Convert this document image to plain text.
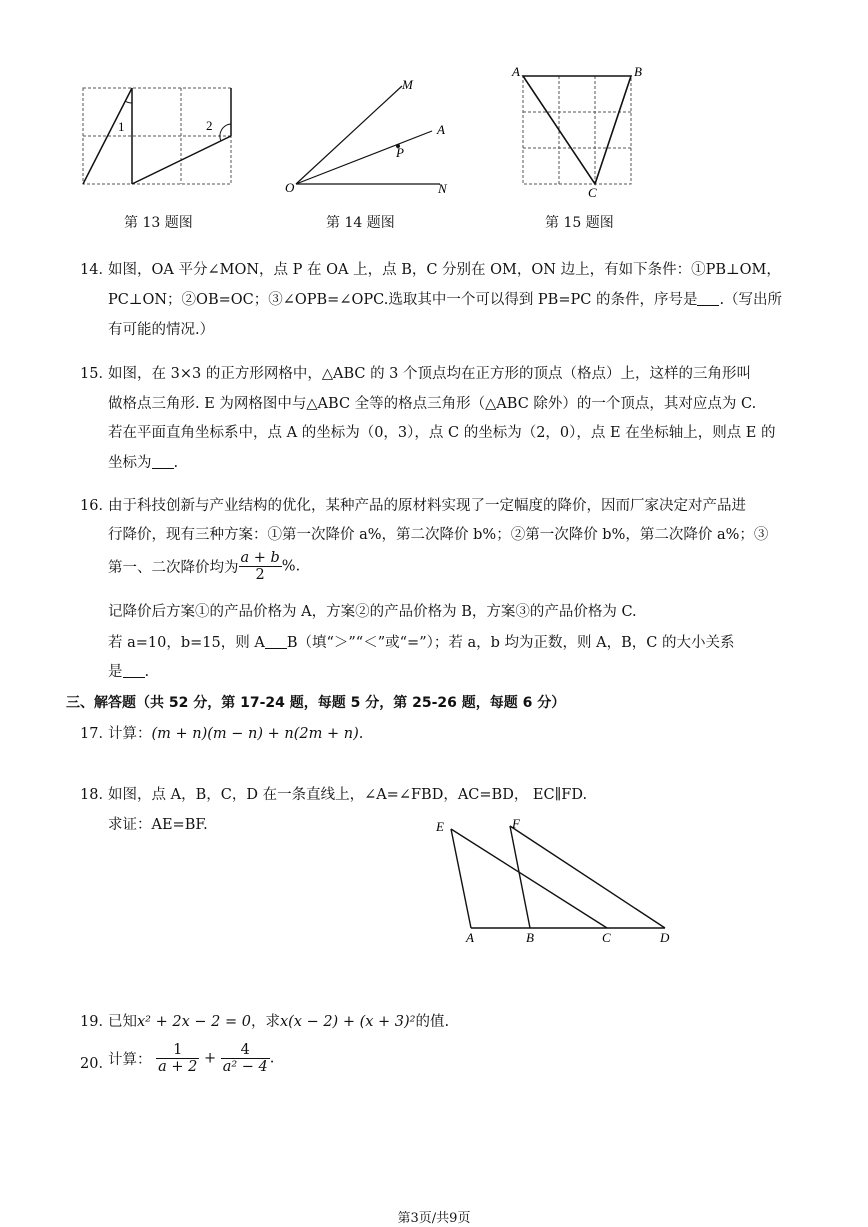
1	2
第 13 题图
M
A
P
O	N
第 14 题图
A	B
C
第 15 题图
14．
如图，OA 平分∠MON，点 P 在 OA 上，点 B，C 分别在 OM，ON 边上，有如下条件：①PB⊥OM，
PC⊥ON；②OB=OC；③∠OPB=∠OPC.选取其中一个可以得到 PB=PC 的条件，序号是 .（写出所
有可能的情况.）
15．
如图，在 3×3 的正方形网格中，△ABC 的 3 个顶点均在正方形的顶点（格点）上，这样的三角形叫
做格点三角形. E 为网格图中与△ABC 全等的格点三角形（△ABC 除外）的一个顶点，其对应点为 C.
若在平面直角坐标系中，点 A 的坐标为（0，3），点 C 的坐标为（2，0），点 E 在坐标轴上，则点 E 的
坐标为 .
16．
由于科技创新与产业结构的优化，某种产品的原材料实现了一定幅度的降价，因而厂家决定对产品进
行降价，现有三种方案：①第一次降价 a%，第二次降价 b%；②第一次降价 b%，第二次降价 a%；③
第一、二次降价均为 $\frac{a + b}{2}$ %.
记降价后方案①的产品价格为 A，方案②的产品价格为 B，方案③的产品价格为 C.
若 a=10，b=15，则 A B（填“＞”“＜”或“=”）；若 a，b 均为正数，则 A，B，C 的大小关系
是 .
三、解答题（共 52 分，第 17-24 题，每题 5 分，第 25-26 题，每题 6 分）
17．
计算：(m + n)(m − n) + n(2m + n).
18．
如图，点 A，B，C，D 在一条直线上，∠A=∠FBD，AC=BD， EC∥FD.
求证：AE=BF.	E	F
A	B	C	D
19．
已知x² + 2x − 2 = 0，求x(x − 2) + (x + 3)²的值.
20．
计算： $\frac{1}{a + 2} + \frac{4}{\text{a² − 4}}$ .
第3页/共9页
